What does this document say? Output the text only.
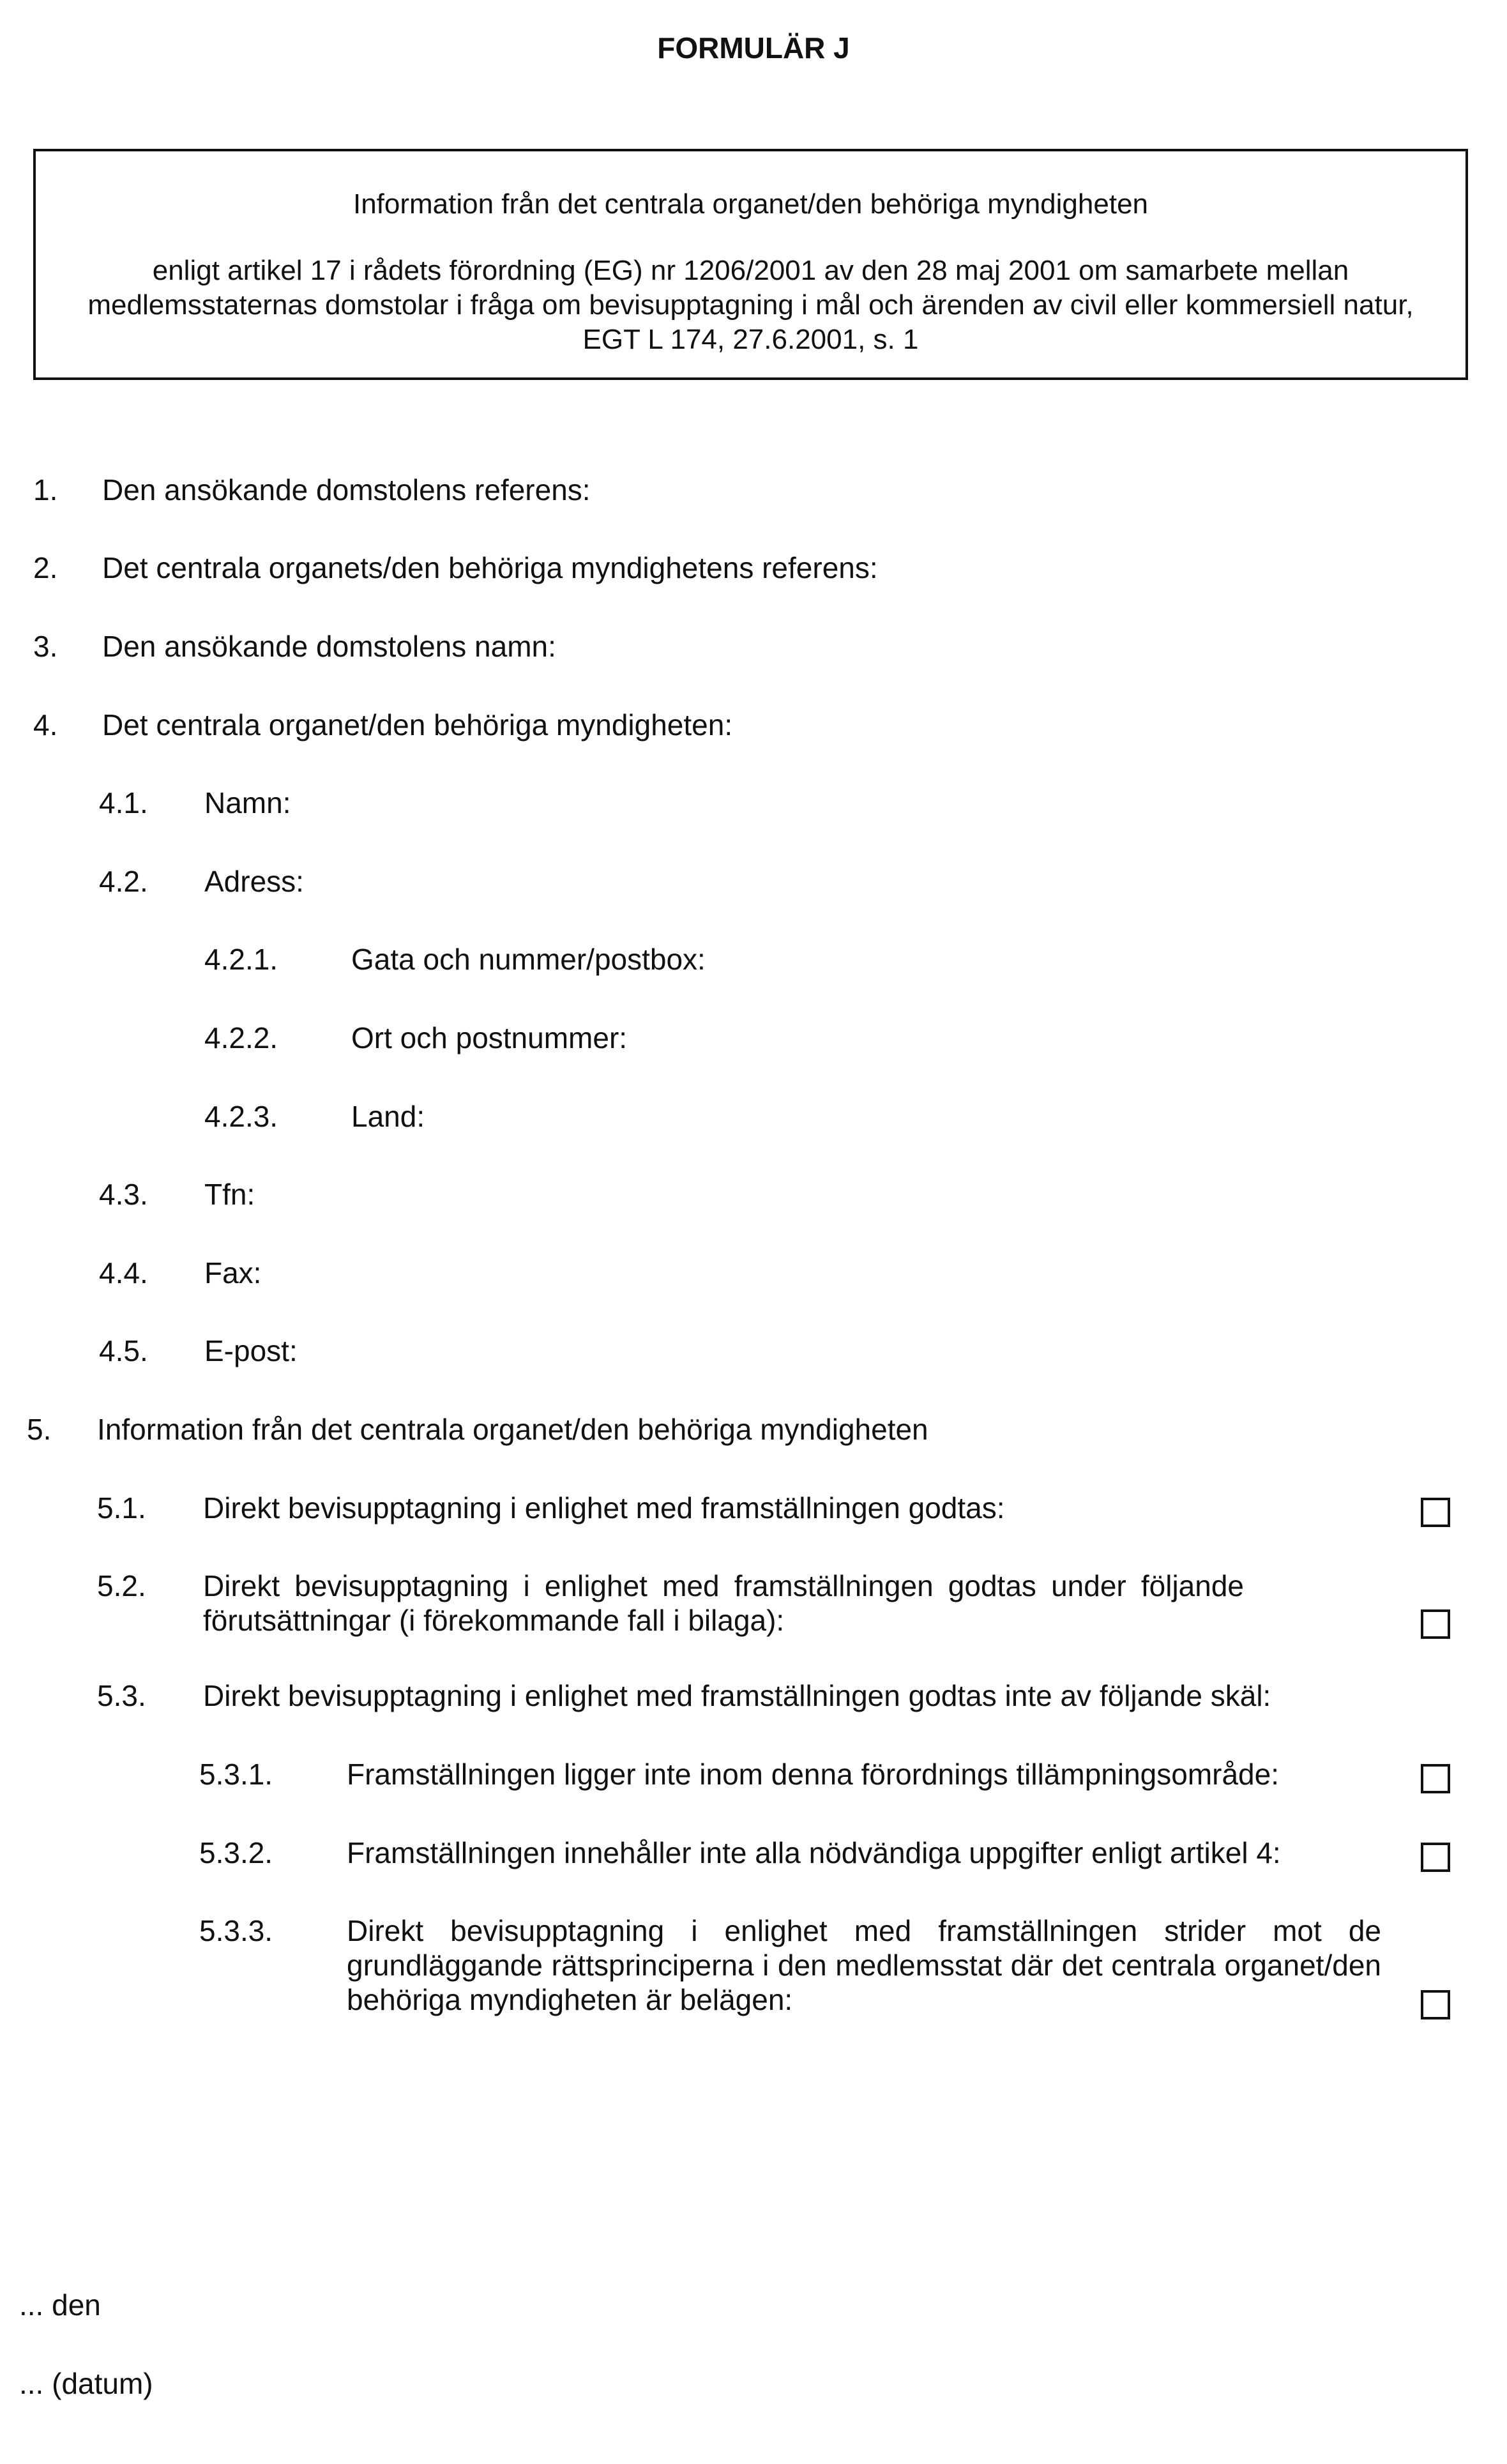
FORMULÄR J
Information från det centrala organet/den behöriga myndigheten
enligt artikel 17 i rådets förordning (EG) nr 1206/2001 av den 28 maj 2001 om samarbete mellan medlemsstaternas domstolar i fråga om bevisupptagning i mål och ärenden av civil eller kommersiell natur, EGT L 174, 27.6.2001, s. 1
1. Den ansökande domstolens referens:
2. Det centrala organets/den behöriga myndighetens referens:
3. Den ansökande domstolens namn:
4. Det centrala organet/den behöriga myndigheten:
4.1. Namn:
4.2. Adress:
4.2.1. Gata och nummer/postbox:
4.2.2. Ort och postnummer:
4.2.3. Land:
4.3. Tfn:
4.4. Fax:
4.5. E-post:
5. Information från det centrala organet/den behöriga myndigheten
5.1. Direkt bevisupptagning i enlighet med framställningen godtas:
5.2. Direkt bevisupptagning i enlighet med framställningen godtas under följande förutsättningar (i förekommande fall i bilaga):
5.3. Direkt bevisupptagning i enlighet med framställningen godtas inte av följande skäl:
5.3.1.	Framställningen ligger inte inom denna förordnings tillämpningsområde:
5.3.2.	Framställningen innehåller inte alla nödvändiga uppgifter enligt artikel 4:
5.3.3.	Direkt bevisupptagning i enlighet med framställningen strider mot de grundläggande rättsprinciperna i den medlemsstat där det centrala organet/den behöriga myndigheten är belägen:
... den
... (datum)
